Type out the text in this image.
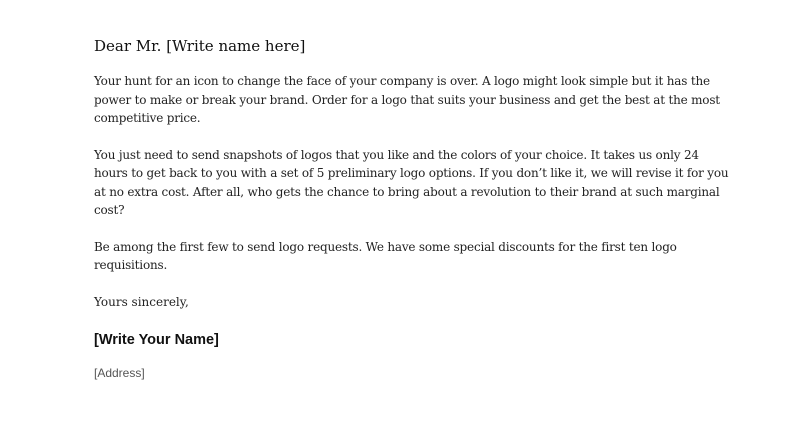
Dear Mr. [Write name here]

Your hunt for an icon to change the face of your company is over. A logo might look simple but it has the power to make or break your brand. Order for a logo that suits your business and get the best at the most competitive price.

You just need to send snapshots of logos that you like and the colors of your choice. It takes us only 24 hours to get back to you with a set of 5 preliminary logo options. If you don’t like it, we will revise it for you at no extra cost. After all, who gets the chance to bring about a revolution to their brand at such marginal cost?

Be among the first few to send logo requests. We have some special discounts for the first ten logo requisitions.

Yours sincerely,
[Write Your Name]
[Address]
